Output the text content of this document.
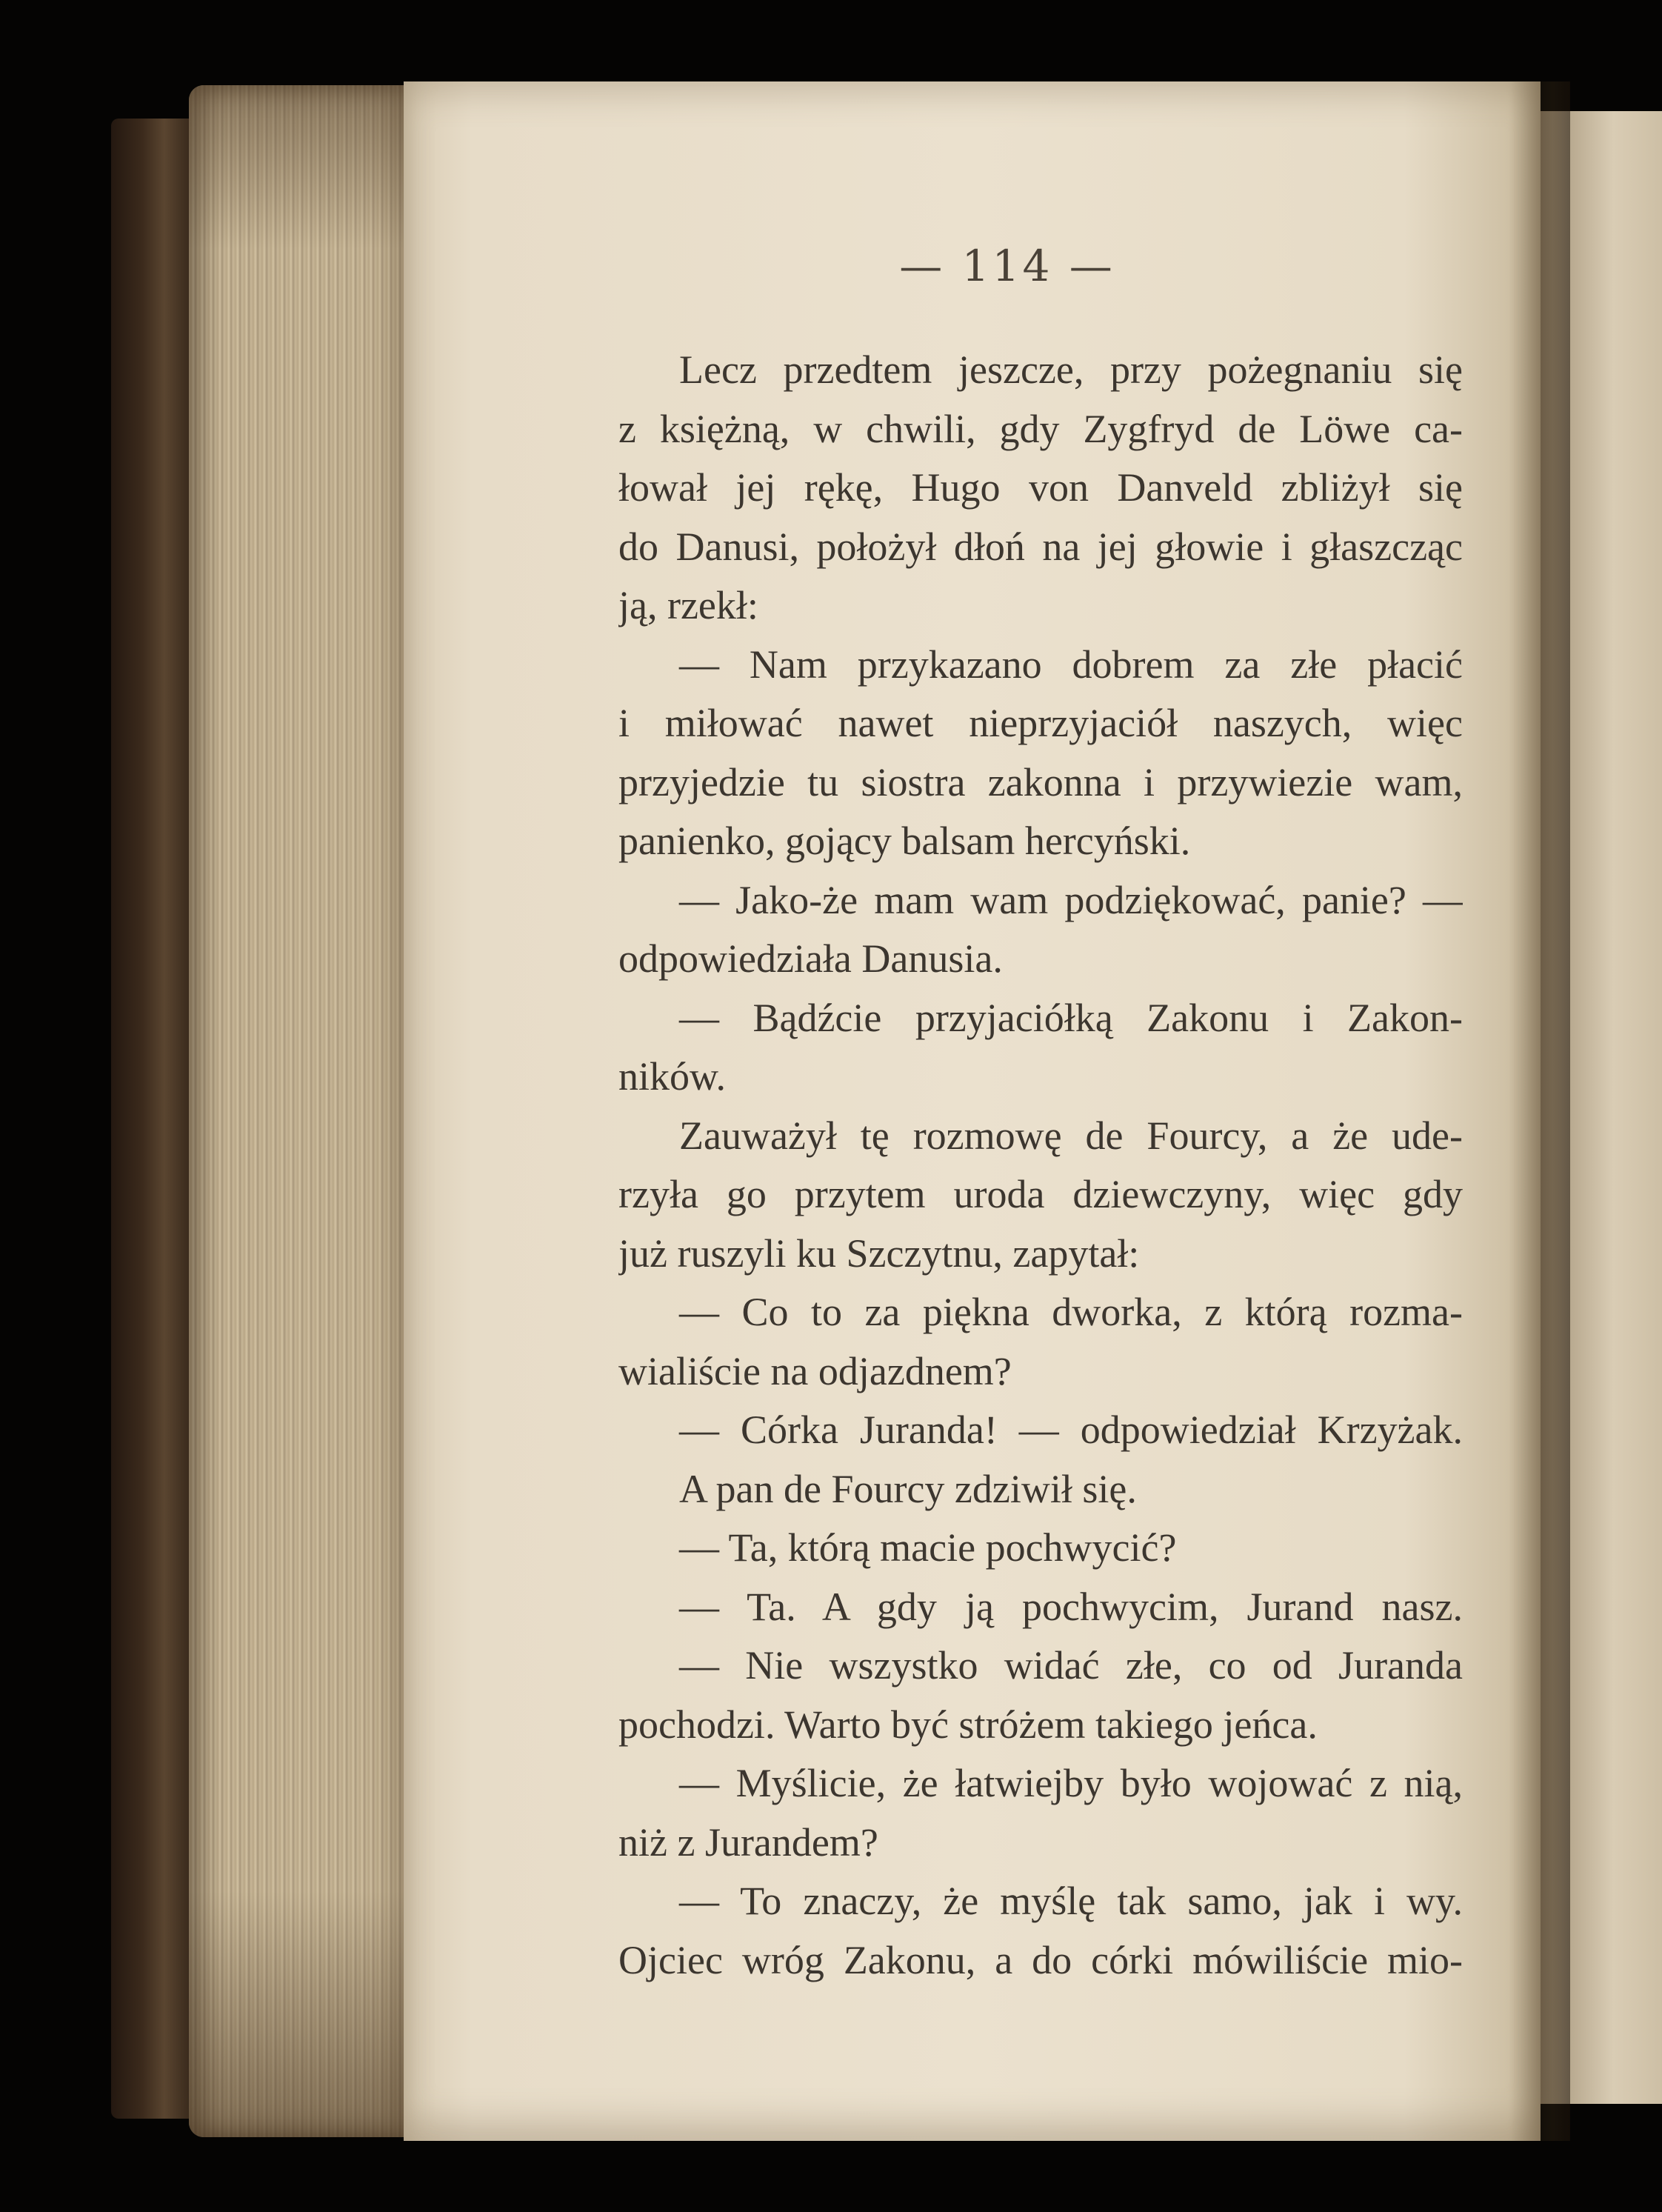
— 114 —
Lecz przedtem jeszcze, przy pożegnaniu się
z księżną, w chwili, gdy Zygfryd de Löwe ca-
łował jej rękę, Hugo von Danveld zbliżył się
do Danusi, położył dłoń na jej głowie i głaszcząc
ją, rzekł:
— Nam przykazano dobrem za złe płacić
i miłować nawet nieprzyjaciół naszych, więc
przyjedzie tu siostra zakonna i przywiezie wam,
panienko, gojący balsam hercyński.
— Jako-że mam wam podziękować, panie? —
odpowiedziała Danusia.
— Bądźcie przyjaciółką Zakonu i Zakon-
ników.
Zauważył tę rozmowę de Fourcy, a że ude-
rzyła go przytem uroda dziewczyny, więc gdy
już ruszyli ku Szczytnu, zapytał:
— Co to za piękna dworka, z którą rozma-
wialiście na odjazdnem?
— Córka Juranda! — odpowiedział Krzyżak.
A pan de Fourcy zdziwił się.
— Ta, którą macie pochwycić?
— Ta. A gdy ją pochwycim, Jurand nasz.
— Nie wszystko widać złe, co od Juranda
pochodzi. Warto być stróżem takiego jeńca.
— Myślicie, że łatwiejby było wojować z nią,
niż z Jurandem?
— To znaczy, że myślę tak samo, jak i wy.
Ojciec wróg Zakonu, a do córki mówiliście mio-
